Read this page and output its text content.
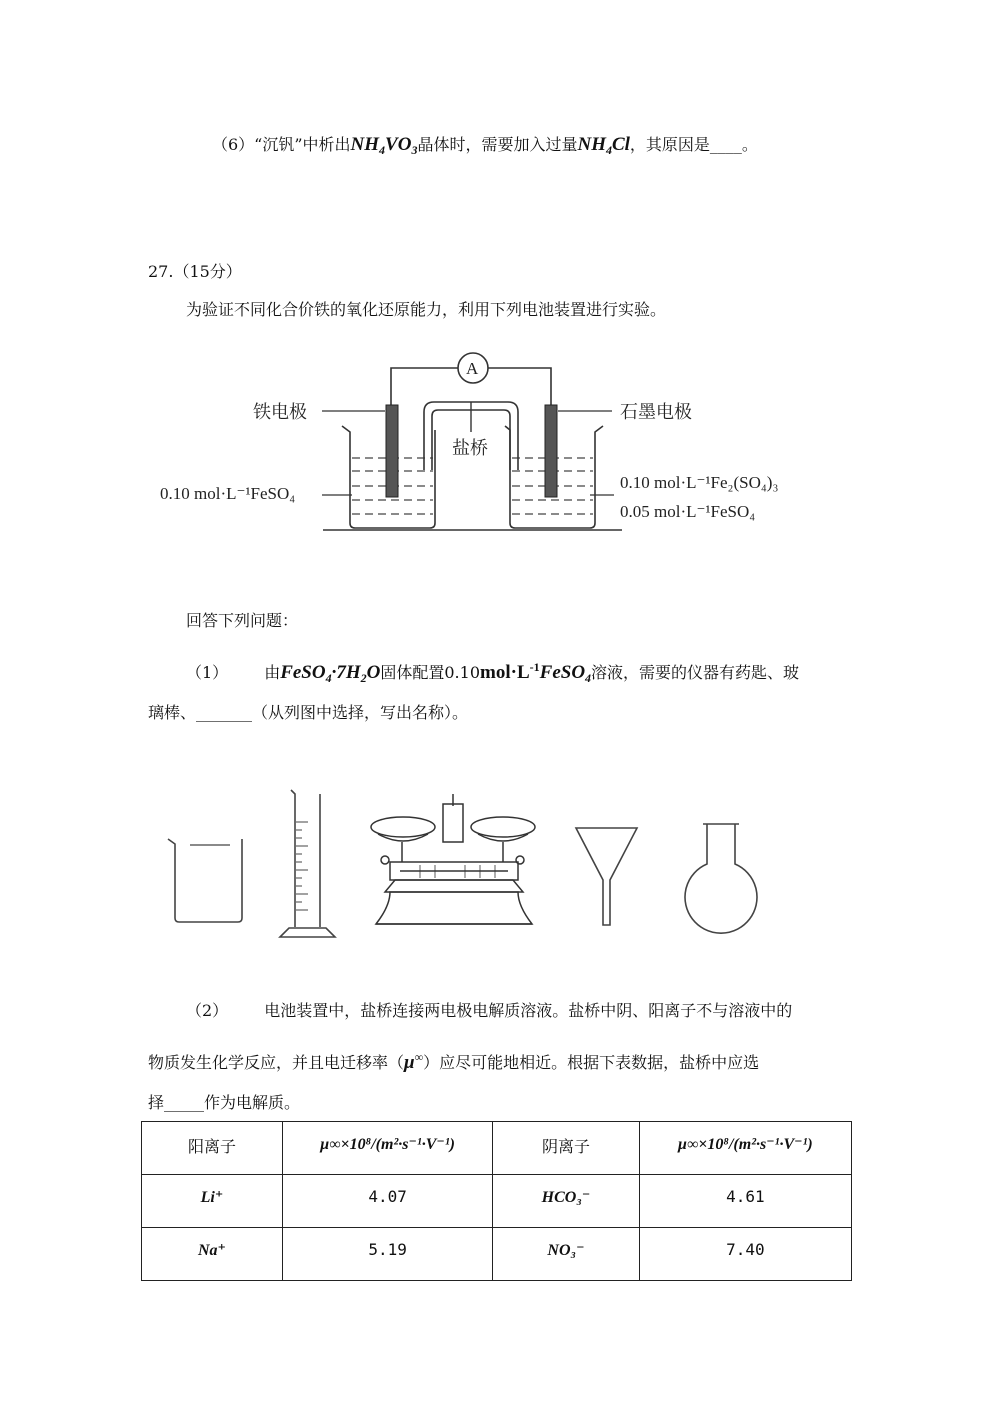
（6）“沉钒”中析出$NH_4VO_3$晶体时，需要加入过量$NH_4Cl$，其原因是____。
27.（15分）
为验证不同化合价铁的氧化还原能力，利用下列电池装置进行实验。
A
盐桥
铁电极	石墨电极
0.10 mol·L⁻¹FeSO₄
0.10 mol·L⁻¹Fe₂(SO₄)₃
0.05 mol·L⁻¹FeSO₄
回答下列问题：
（1） 由$FeSO_4\cdot 7H_2O$固体配置$0.10mol\cdot L^{-1}FeSO_4$溶液，需要的仪器有药匙、玻
璃棒、_______（从列图中选择，写出名称）。
（2） 电池装置中，盐桥连接两电极电解质溶液。盐桥中阴、阳离子不与溶液中的
物质发生化学反应，并且电迁移率（μ∞）应尽可能地相近。根据下表数据，盐桥中应选
择_____作为电解质。
阳离子	μ∞×10⁸/(m²·s⁻¹·V⁻¹)	阴离子	μ∞×10⁸/(m²·s⁻¹·V⁻¹)
Li⁺	4.07	HCO₃⁻	4.61
Na⁺	5.19	NO₃⁻	7.40
